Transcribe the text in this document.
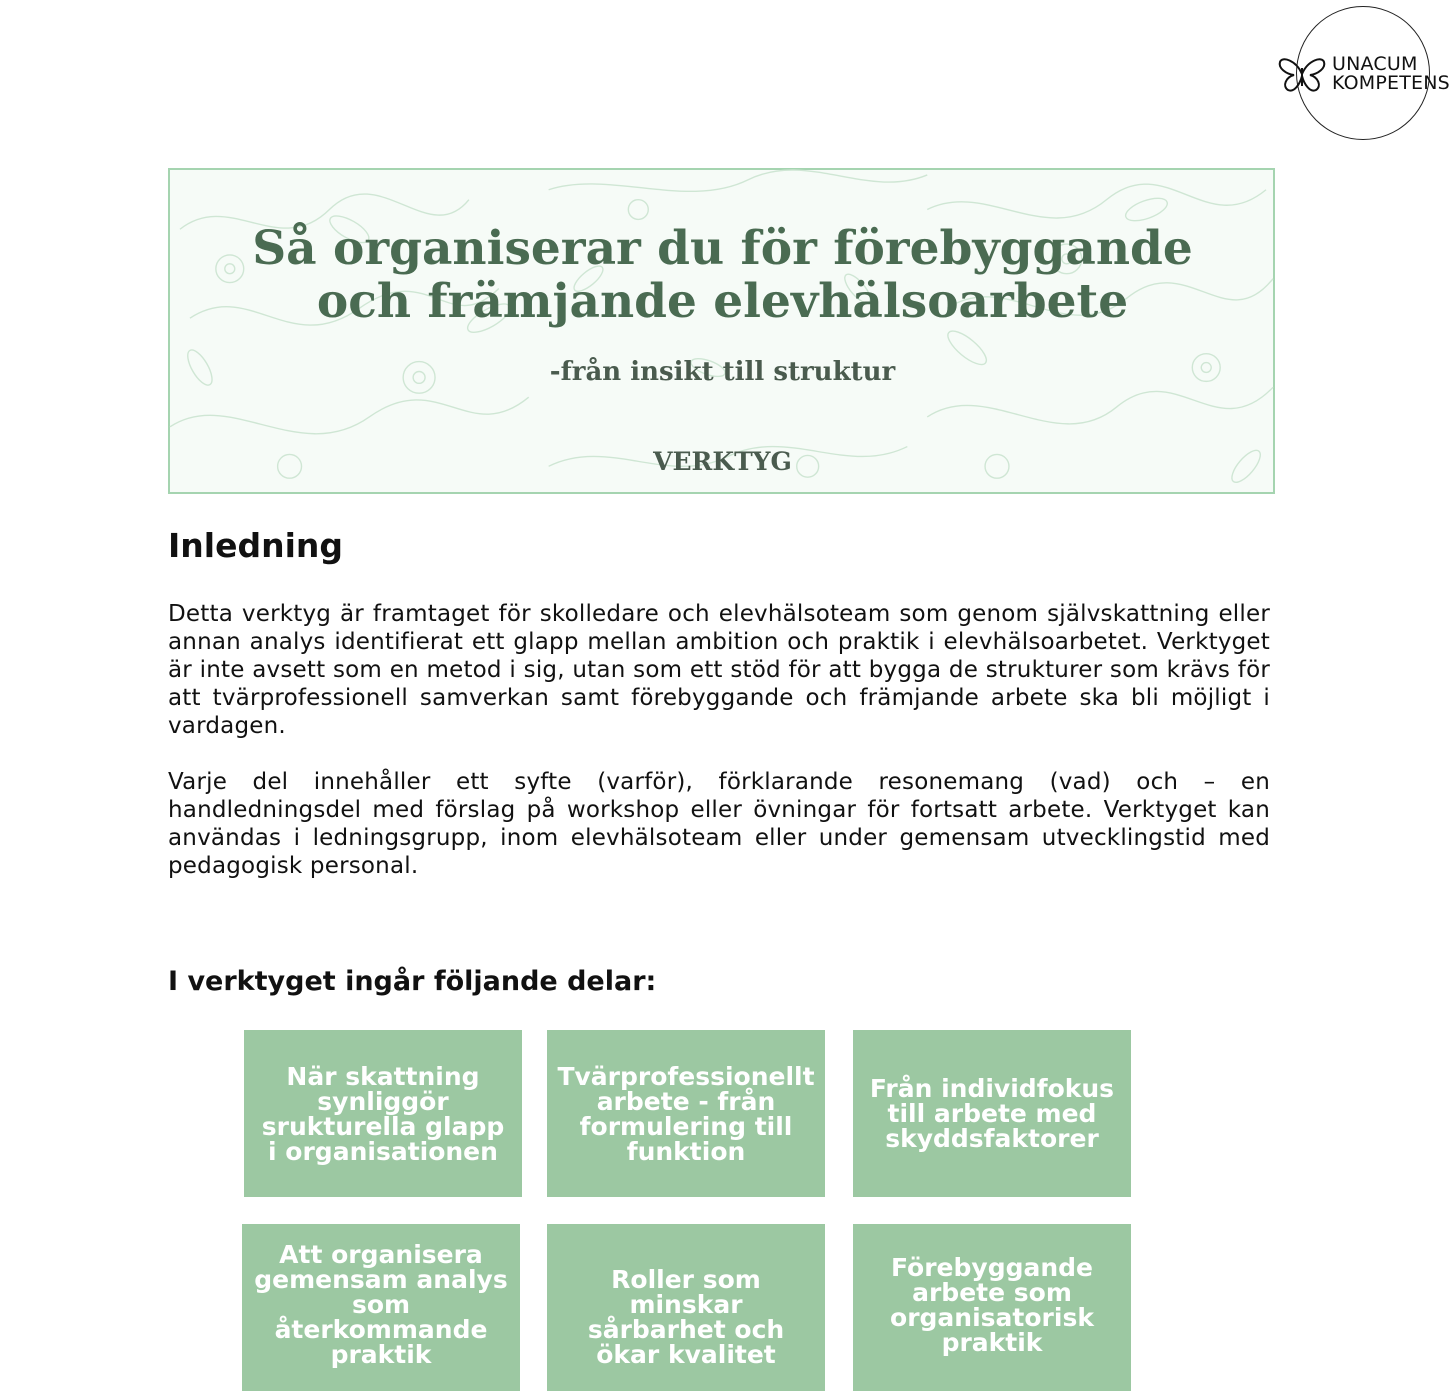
UNACUM
KOMPETENS
Så organiserar du för förebyggande
och främjande elevhälsoarbete
-från insikt till struktur
VERKTYG
Inledning

Detta verktyg är framtaget för skolledare och elevhälsoteam som genom självskattning eller annan analys identifierat ett glapp mellan ambition och praktik i elevhälsoarbetet. Verktyget är inte avsett som en metod i sig, utan som ett stöd för att bygga de strukturer som krävs för att tvärprofessionell samverkan samt förebyggande och främjande arbete ska bli möjligt i vardagen.

Varje del innehåller ett syfte (varför), förklarande resonemang (vad) och – en handledningsdel med förslag på workshop eller övningar för fortsatt arbete. Verktyget kan användas i ledningsgrupp, inom elevhälsoteam eller under gemensam utvecklingstid med pedagogisk personal.

I verktyget ingår följande delar:
När skattning synliggör srukturella glapp i organisationen
Tvärprofessionellt arbete - från formulering till funktion
Från individfokus till arbete med skyddsfaktorer
Att organisera gemensam analys som återkommande praktik
Roller som minskar sårbarhet och ökar kvalitet
Förebyggande arbete som organisatorisk praktik
